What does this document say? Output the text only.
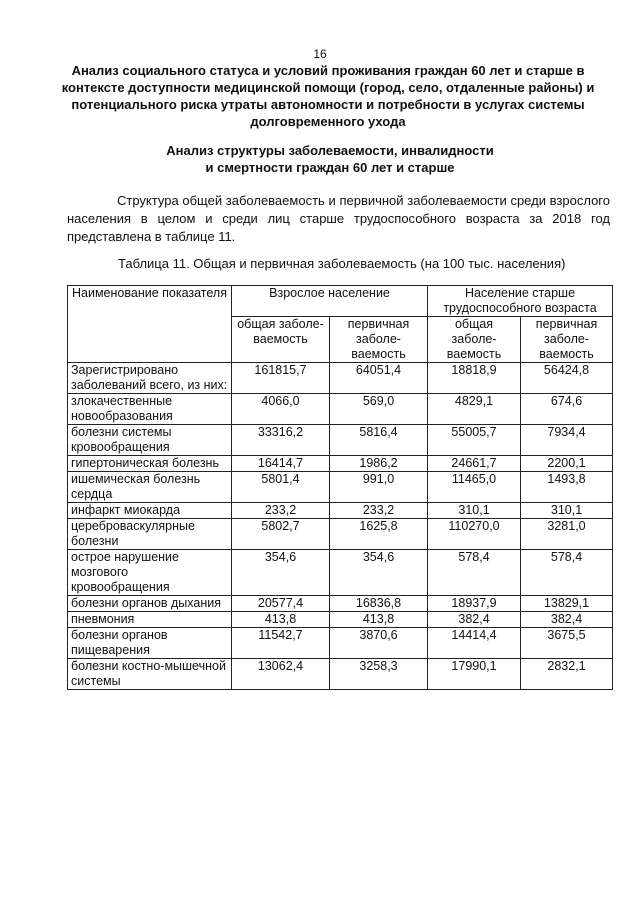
16
Анализ социального статуса и условий проживания граждан 60 лет и старше в контексте доступности медицинской помощи (город, село, отдаленные районы) и потенциального риска утраты автономности и потребности в услугах системы долговременного ухода
Анализ структуры заболеваемости, инвалидности
и смертности граждан 60 лет и старше

Структура общей заболеваемость и первичной заболеваемости среди взрослого населения в целом и среди лиц старше трудоспособного возраста за 2018 год представлена в таблице 11.

Таблица 11. Общая и первичная заболеваемость (на 100 тыс. населения)
Наименование показателя	Взрослое население		Население старше трудоспособного возраста	
	общая заболе-ваемость	первичная заболе-ваемость	общая заболе-ваемость	первичная заболе-ваемость
Зарегистрировано заболеваний всего, из них:	161815,7	64051,4	18818,9	56424,8
злокачественные новообразования	4066,0	569,0	4829,1	674,6
болезни системы кровообращения	33316,2	5816,4	55005,7	7934,4
гипертоническая болезнь	16414,7	1986,2	24661,7	2200,1
ишемическая болезнь сердца	5801,4	991,0	11465,0	1493,8
инфаркт миокарда	233,2	233,2	310,1	310,1
цереброваскулярные болезни	5802,7	1625,8	110270,0	3281,0
острое нарушение мозгового кровообращения	354,6	354,6	578,4	578,4
болезни органов дыхания	20577,4	16836,8	18937,9	13829,1
пневмония	413,8	413,8	382,4	382,4
болезни органов пищеварения	11542,7	3870,6	14414,4	3675,5
болезни костно-мышечной системы	13062,4	3258,3	17990,1	2832,1
